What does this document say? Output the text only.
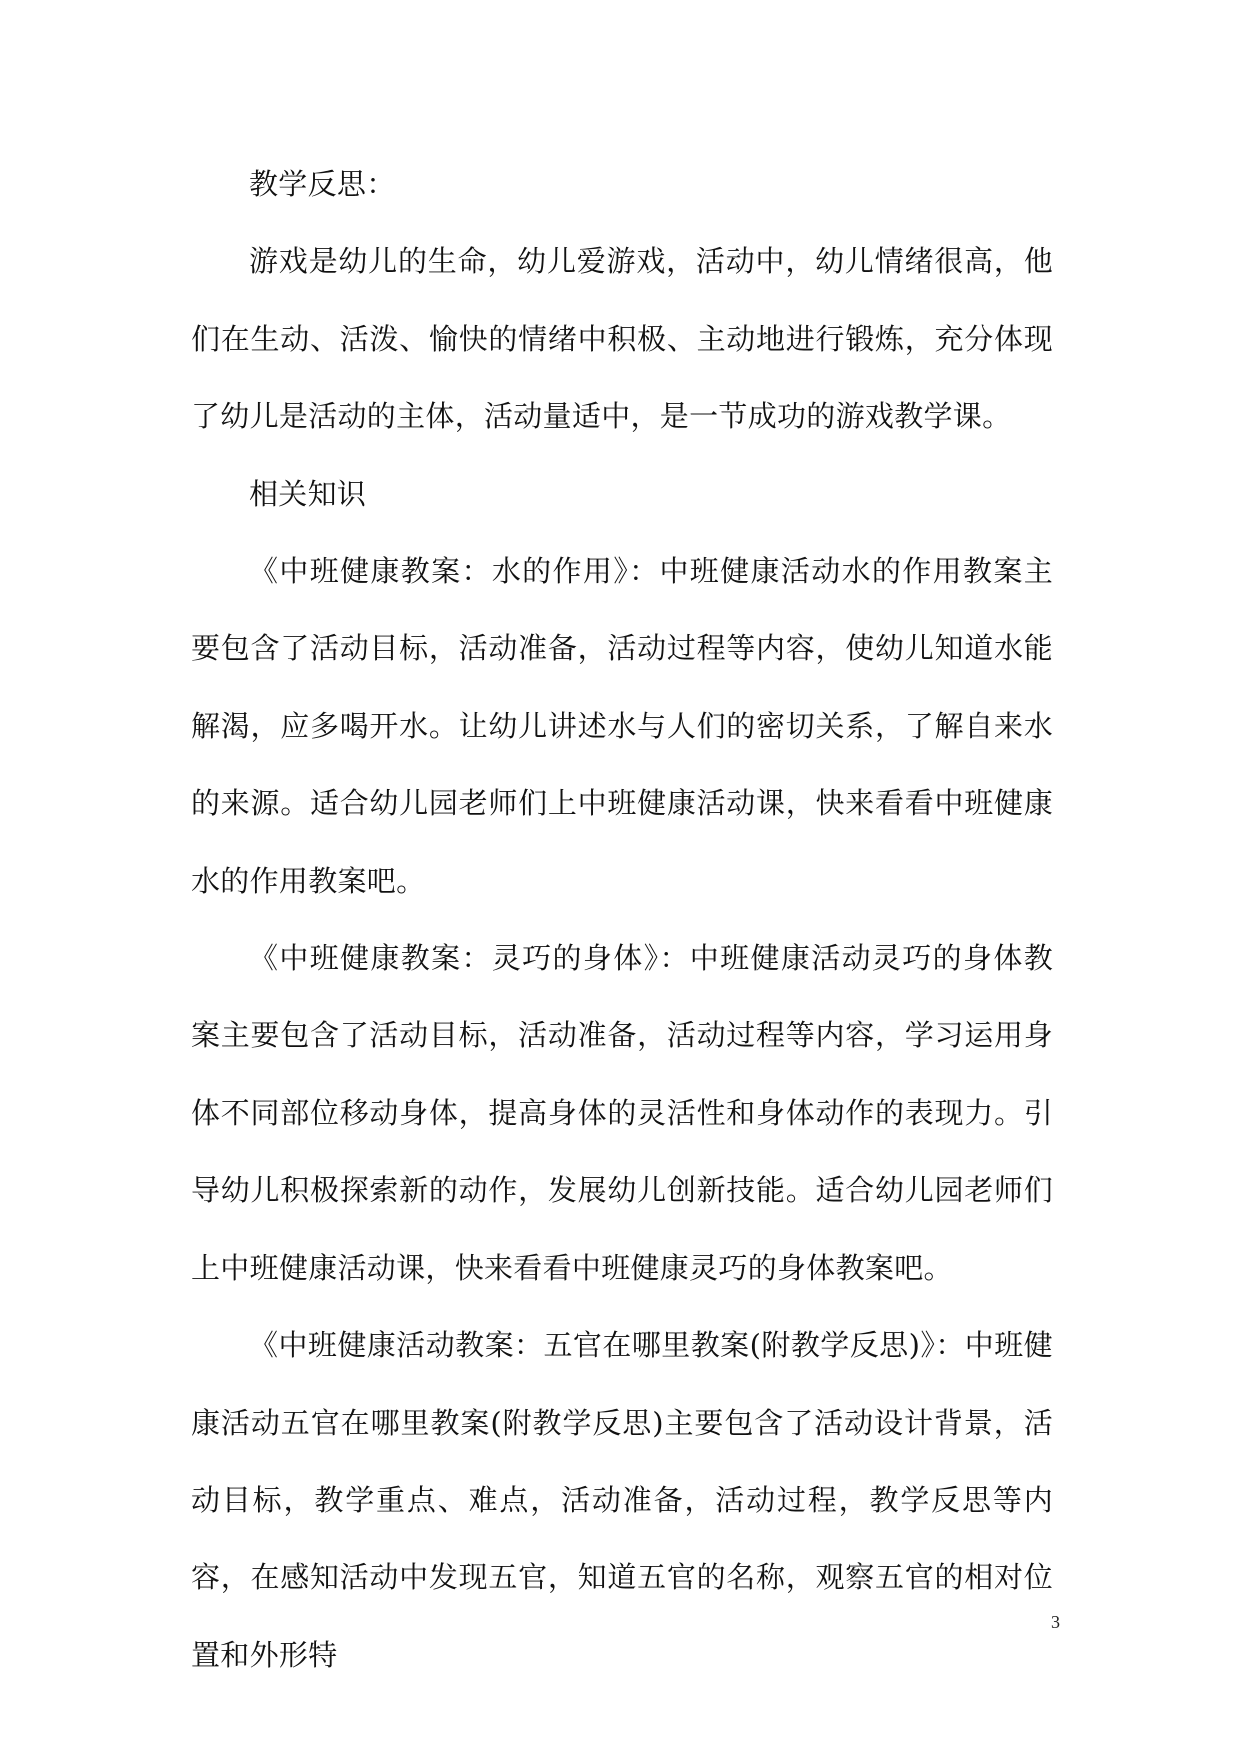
教学反思：

游戏是幼儿的生命，幼儿爱游戏，活动中，幼儿情绪很高，他们在生动、活泼、愉快的情绪中积极、主动地进行锻炼，充分体现了幼儿是活动的主体，活动量适中，是一节成功的游戏教学课。

相关知识

《中班健康教案：水的作用》：中班健康活动水的作用教案主要包含了活动目标，活动准备，活动过程等内容，使幼儿知道水能解渴，应多喝开水。让幼儿讲述水与人们的密切关系，了解自来水的来源。适合幼儿园老师们上中班健康活动课，快来看看中班健康水的作用教案吧。

《中班健康教案：灵巧的身体》：中班健康活动灵巧的身体教案主要包含了活动目标，活动准备，活动过程等内容，学习运用身体不同部位移动身体，提高身体的灵活性和身体动作的表现力。引导幼儿积极探索新的动作，发展幼儿创新技能。适合幼儿园老师们上中班健康活动课，快来看看中班健康灵巧的身体教案吧。

《中班健康活动教案：五官在哪里教案(附教学反思)》：中班健康活动五官在哪里教案(附教学反思)主要包含了活动设计背景，活动目标，教学重点、难点，活动准备，活动过程，教学反思等内容，在感知活动中发现五官，知道五官的名称，观察五官的相对位置和外形特

3
